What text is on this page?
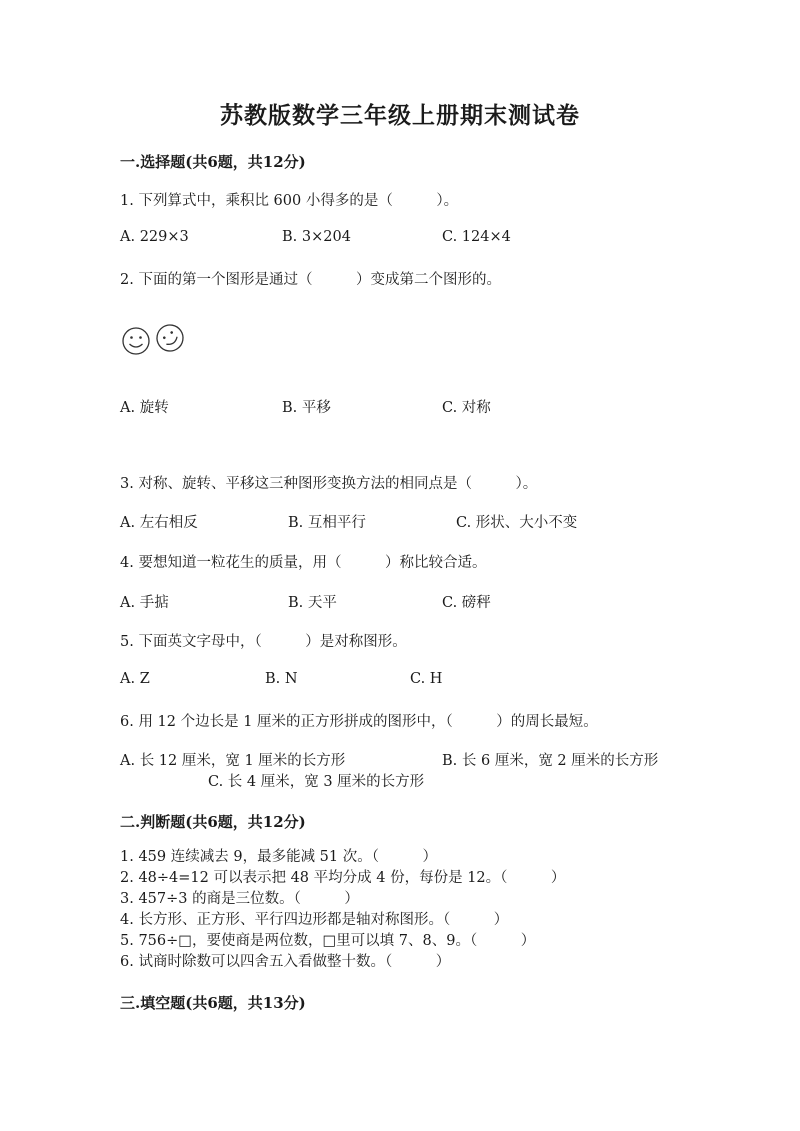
苏教版数学三年级上册期末测试卷
一.选择题(共6题，共12分)
1. 下列算式中，乘积比 600 小得多的是（　　　）。
A. 229×3	B. 3×204	C. 124×4
2. 下面的第一个图形是通过（　　　）变成第二个图形的。
A. 旋转	B. 平移	C. 对称
3. 对称、旋转、平移这三种图形变换方法的相同点是（　　　）。
A. 左右相反	B. 互相平行	C. 形状、大小不变
4. 要想知道一粒花生的质量，用（　　　）称比较合适。
A. 手掂	B. 天平	C. 磅秤
5. 下面英文字母中，（　　　）是对称图形。
A. Z	B. N	C. H
6. 用 12 个边长是 1 厘米的正方形拼成的图形中，（　　　）的周长最短。
A. 长 12 厘米，宽 1 厘米的长方形	B. 长 6 厘米，宽 2 厘米的长方形
C. 长 4 厘米，宽 3 厘米的长方形
二.判断题(共6题，共12分)
1. 459 连续减去 9，最多能减 51 次。（　　　）
2. 48÷4=12 可以表示把 48 平均分成 4 份，每份是 12。（　　　）
3. 457÷3 的商是三位数。（　　　）
4. 长方形、正方形、平行四边形都是轴对称图形。（　　　）
5. 756÷□，要使商是两位数，□里可以填 7、8、9。（　　　）
6. 试商时除数可以四舍五入看做整十数。（　　　）
三.填空题(共6题，共13分)
